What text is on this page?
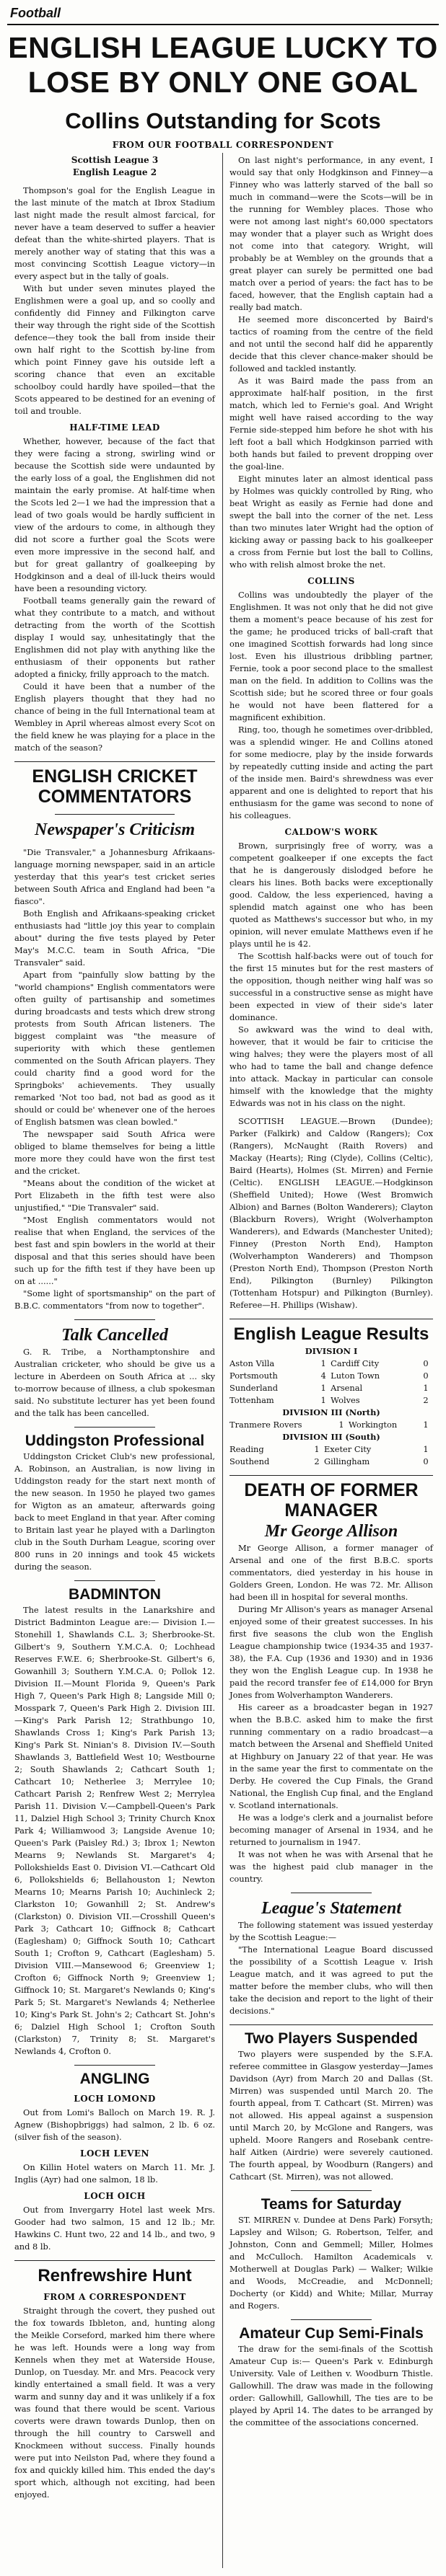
Football
ENGLISH LEAGUE LUCKY TO
LOSE BY ONLY ONE GOAL
Collins Outstanding for Scots
FROM OUR FOOTBALL CORRESPONDENT
Scottish League 3
English League 2

Thompson's goal for the English League in the last minute of the match at Ibrox Stadium last night made the result almost farcical, for never have a team deserved to suffer a heavier defeat than the white-shirted players. That is merely another way of stating that this was a most convincing Scottish League victory—in every aspect but in the tally of goals.

With but under seven minutes played the Englishmen were a goal up, and so coolly and confidently did Finney and Filkington carve their way through the right side of the Scottish defence—they took the ball from inside their own half right to the Scottish by-line from which point Finney gave his outside left a scoring chance that even an excitable schoolboy could hardly have spoiled—that the Scots appeared to be destined for an evening of toil and trouble.

HALF-TIME LEAD

Whether, however, because of the fact that they were facing a strong, swirling wind or because the Scottish side were undaunted by the early loss of a goal, the Englishmen did not maintain the early promise. At half-time when the Scots led 2—1 we had the impression that a lead of two goals would be hardly sufficient in view of the ardours to come, in although they did not score a further goal the Scots were even more impressive in the second half, and but for great gallantry of goalkeeping by Hodgkinson and a deal of ill-luck theirs would have been a resounding victory.

Football teams generally gain the reward of what they contribute to a match, and without detracting from the worth of the Scottish display I would say, unhesitatingly that the Englishmen did not play with anything like the enthusiasm of their opponents but rather adopted a finicky, frilly approach to the match.

Could it have been that a number of the English players thought that they had no chance of being in the full International team at Wembley in April whereas almost every Scot on the field knew he was playing for a place in the match of the season?

ENGLISH CRICKET
COMMENTATORS
Newspaper's Criticism

"Die Transvaler," a Johannesburg Afrikaans-language morning newspaper, said in an article yesterday that this year's test cricket series between South Africa and England had been "a fiasco".

Both English and Afrikaans-speaking cricket enthusiasts had "little joy this year to complain about" during the five tests played by Peter May's M.C.C. team in South Africa, "Die Transvaler" said.

Apart from "painfully slow batting by the "world champions" English commentators were often guilty of partisanship and sometimes during broadcasts and tests which drew strong protests from South African listeners. The biggest complaint was "the measure of superiority with which these gentlemen commented on the South African players. They could charity find a good word for the Springboks' achievements. They usually remarked 'Not too bad, not bad as good as it should or could be' whenever one of the heroes of English batsmen was clean bowled."

The newspaper said South Africa were obliged to blame themselves for being a little more more they could have won the first test and the cricket.

"Means about the condition of the wicket at Port Elizabeth in the fifth test were also unjustified," "Die Transvaler" said.

"Most English commentators would not realise that when England, the services of the best fast and spin bowlers in the world at their disposal and that this series should have been such up for the fifth test if they have been up on at ......"

"Some light of sportsmanship" on the part of B.B.C. commentators "from now to together".

Talk Cancelled

G. R. Tribe, a Northamptonshire and Australian cricketer, who should be give us a lecture in Aberdeen on South Africa at ... sky to-morrow because of illness, a club spokesman said. No substitute lecturer has yet been found and the talk has been cancelled.

Uddingston Professional

Uddingston Cricket Club's new professional, A. Robinson, an Australian, is now living in Uddingston ready for the start next month of the new season. In 1950 he played two games for Wigton as an amateur, afterwards going back to meet England in that year. After coming to Britain last year he played with a Darlington club in the South Durham League, scoring over 800 runs in 20 innings and took 45 wickets during the season.

BADMINTON

The latest results in the Lanarkshire and District Badminton League are:— Division I.—Stonehill 1, Shawlands C.L. 3; Sherbrooke-St. Gilbert's 9, Southern Y.M.C.A. 0; Lochhead Reserves F.W.E. 6; Sherbrooke-St. Gilbert's 6, Gowanhill 3; Southern Y.M.C.A. 0; Pollok 12. Division II.—Mount Florida 9, Queen's Park High 7, Queen's Park High 8; Langside Mill 0; Mosspark 7, Queen's Park High 2. Division III.—King's Park Parish 12; Strathbungo 10, Shawlands Cross 1; King's Park Parish 13; King's Park St. Ninian's 8. Division IV.—South Shawlands 3, Battlefield West 10; Westbourne 2; South Shawlands 2; Cathcart South 1; Cathcart 10; Netherlee 3; Merrylee 10; Cathcart Parish 2; Renfrew West 2; Merrylea Parish 11. Division V.—Campbell-Queen's Park 11, Dalziel High School 3; Trinity Church Knox Park 4; Williamwood 3; Langside Avenue 10; Queen's Park (Paisley Rd.) 3; Ibrox 1; Newton Mearns 9; Newlands St. Margaret's 4; Pollokshields East 0. Division VI.—Cathcart Old 6, Pollokshields 6; Bellahouston 1; Newton Mearns 10; Mearns Parish 10; Auchinleck 2; Clarkston 10; Gowanhill 2; St. Andrew's (Clarkston) 0. Division VII.—Crosshill Queen's Park 3; Cathcart 10; Giffnock 8; Cathcart (Eaglesham) 0; Giffnock South 10; Cathcart South 1; Crofton 9, Cathcart (Eaglesham) 5. Division VIII.—Mansewood 6; Greenview 1; Crofton 6; Giffnock North 9; Greenview 1; Giffnock 10; St. Margaret's Newlands 0; King's Park 5; St. Margaret's Newlands 4; Netherlee 10; King's Park St. John's 2; Cathcart St. John's 6; Dalziel High School 1; Crofton South (Clarkston) 7, Trinity 8; St. Margaret's Newlands 4, Crofton 0.

ANGLING
LOCH LOMOND

Out from Lomi's Balloch on March 19. R. J. Agnew (Bishopbriggs) had salmon, 2 lb. 6 oz. (silver fish of the season).

LOCH LEVEN

On Killin Hotel waters on March 11. Mr. J. Inglis (Ayr) had one salmon, 18 lb.

LOCH OICH

Out from Invergarry Hotel last week Mrs. Gooder had two salmon, 15 and 12 lb.; Mr. Hawkins C. Hunt two, 22 and 14 lb., and two, 9 and 8 lb.

Renfrewshire Hunt
FROM A CORRESPONDENT

Straight through the covert, they pushed out the fox towards Ibbleton, and, hunting along the Meikle Corseford, marked him there where he was left. Hounds were a long way from Kennels when they met at Waterside House, Dunlop, on Tuesday. Mr. and Mrs. Peacock very kindly entertained a small field. It was a very warm and sunny day and it was unlikely if a fox was found that there would be scent. Various coverts were drawn towards Dunlop, then on through the hill country to Carswell and Knockmeen without success. Finally hounds were put into Neilston Pad, where they found a fox and quickly killed him. This ended the day's sport which, although not exciting, had been enjoyed.

On last night's performance, in any event, I would say that only Hodgkinson and Finney—a Finney who was latterly starved of the ball so much in command—were the Scots—will be in the running for Wembley places. Those who were not among last night's 60,000 spectators may wonder that a player such as Wright does not come into that category. Wright, will probably be at Wembley on the grounds that a great player can surely be permitted one bad match over a period of years: the fact has to be faced, however, that the English captain had a really bad match.

He seemed more disconcerted by Baird's tactics of roaming from the centre of the field and not until the second half did he apparently decide that this clever chance-maker should be followed and tackled instantly.

As it was Baird made the pass from an approximate half-half position, in the first match, which led to Fernie's goal. And Wright might well have raised according to the way Fernie side-stepped him before he shot with his left foot a ball which Hodgkinson parried with both hands but failed to prevent dropping over the goal-line.

Eight minutes later an almost identical pass by Holmes was quickly controlled by Ring, who beat Wright as easily as Fernie had done and swept the ball into the corner of the net. Less than two minutes later Wright had the option of kicking away or passing back to his goalkeeper a cross from Fernie but lost the ball to Collins, who with relish almost broke the net.

COLLINS

Collins was undoubtedly the player of the Englishmen. It was not only that he did not give them a moment's peace because of his zest for the game; he produced tricks of ball-craft that one imagined Scottish forwards had long since lost. Even his illustrious dribbling partner, Fernie, took a poor second place to the smallest man on the field. In addition to Collins was the Scottish side; but he scored three or four goals he would not have been flattered for a magnificent exhibition.

Ring, too, though he sometimes over-dribbled, was a splendid winger. He and Collins atoned for some mediocre, play by the inside forwards by repeatedly cutting inside and acting the part of the inside men. Baird's shrewdness was ever apparent and one is delighted to report that his enthusiasm for the game was second to none of his colleagues.

CALDOW'S WORK

Brown, surprisingly free of worry, was a competent goalkeeper if one excepts the fact that he is dangerously dislodged before he clears his lines. Both backs were exceptionally good. Caldow, the less experienced, having a splendid match against one who has been quoted as Matthews's successor but who, in my opinion, will never emulate Matthews even if he plays until he is 42.

The Scottish half-backs were out of touch for the first 15 minutes but for the rest masters of the opposition, though neither wing half was so successful in a constructive sense as might have been expected in view of their side's later dominance.

So awkward was the wind to deal with, however, that it would be fair to criticise the wing halves; they were the players most of all who had to tame the ball and change defence into attack. Mackay in particular can console himself with the knowledge that the mighty Edwards was not in his class on the night.

SCOTTISH LEAGUE.—Brown (Dundee); Parker (Falkirk) and Caldow (Rangers); Cox (Rangers), McNaught (Raith Rovers) and Mackay (Hearts); Ring (Clyde), Collins (Celtic), Baird (Hearts), Holmes (St. Mirren) and Fernie (Celtic). ENGLISH LEAGUE.—Hodgkinson (Sheffield United); Howe (West Bromwich Albion) and Barnes (Bolton Wanderers); Clayton (Blackburn Rovers), Wright (Wolverhampton Wanderers), and Edwards (Manchester United); Finney (Preston North End), Hampton (Wolverhampton Wanderers) and Thompson (Preston North End), Thompson (Preston North End), Pilkington (Burnley) Pilkington (Tottenham Hotspur) and Pilkington (Burnley). Referee—H. Phillips (Wishaw).

English League Results
DIVISION I
Aston Villa	1	Cardiff City	0
Portsmouth	4	Luton Town	0
Sunderland	1	Arsenal	1
Tottenham	1	Wolves	2
DIVISION III (North)
Tranmere Rovers	1	Workington	1
DIVISION III (South)
Reading	1	Exeter City	1
Southend	2	Gillingham	0
DEATH OF FORMER
MANAGER
Mr George Allison

Mr George Allison, a former manager of Arsenal and one of the first B.B.C. sports commentators, died yesterday in his house in Golders Green, London. He was 72. Mr. Allison had been ill in hospital for several months.

During Mr Allison's years as manager Arsenal enjoyed some of their greatest successes. In his first five seasons the club won the English League championship twice (1934-35 and 1937-38), the F.A. Cup (1936 and 1930) and in 1936 they won the English League cup. In 1938 he paid the record transfer fee of £14,000 for Bryn Jones from Wolverhampton Wanderers.

His career as a broadcaster began in 1927 when the B.B.C. asked him to make the first running commentary on a radio broadcast—a match between the Arsenal and Sheffield United at Highbury on January 22 of that year. He was in the same year the first to commentate on the Derby. He covered the Cup Finals, the Grand National, the English Cup final, and the England v. Scotland internationals.

He was a lodge's clerk and a journalist before becoming manager of Arsenal in 1934, and he returned to journalism in 1947.

It was not when he was with Arsenal that he was the highest paid club manager in the country.

League's Statement

The following statement was issued yesterday by the Scottish League:—

"The International League Board discussed the possibility of a Scottish League v. Irish League match, and it was agreed to put the matter before the member clubs, who will then take the decision and report to the light of their decisions."

Two Players Suspended

Two players were suspended by the S.F.A. referee committee in Glasgow yesterday—James Davidson (Ayr) from March 20 and Dallas (St. Mirren) was suspended until March 20. The fourth appeal, from T. Cathcart (St. Mirren) was not allowed. His appeal against a suspension until March 20, by McGlone and Rangers, was upheld. Moore Rangers and Rosebank centre-half Aitken (Airdrie) were severely cautioned. The fourth appeal, by Woodburn (Rangers) and Cathcart (St. Mirren), was not allowed.

Teams for Saturday

ST. MIRREN v. Dundee at Dens Park) Forsyth; Lapsley and Wilson; G. Robertson, Telfer, and Johnston, Conn and Gemmell; Miller, Holmes and McCulloch. Hamilton Academicals v. Motherwell at Douglas Park) — Walker; Wilkie and Woods, McCreadie, and McDonnell; Docherty (or Kidd) and White; Millar, Murray and Rogers.

Amateur Cup Semi-Finals

The draw for the semi-finals of the Scottish Amateur Cup is:— Queen's Park v. Edinburgh University. Vale of Leithen v. Woodburn Thistle. Gallowhill. The draw was made in the following order: Gallowhill, Gallowhill, The ties are to be played by April 14. The dates to be arranged by the committee of the associations concerned.
